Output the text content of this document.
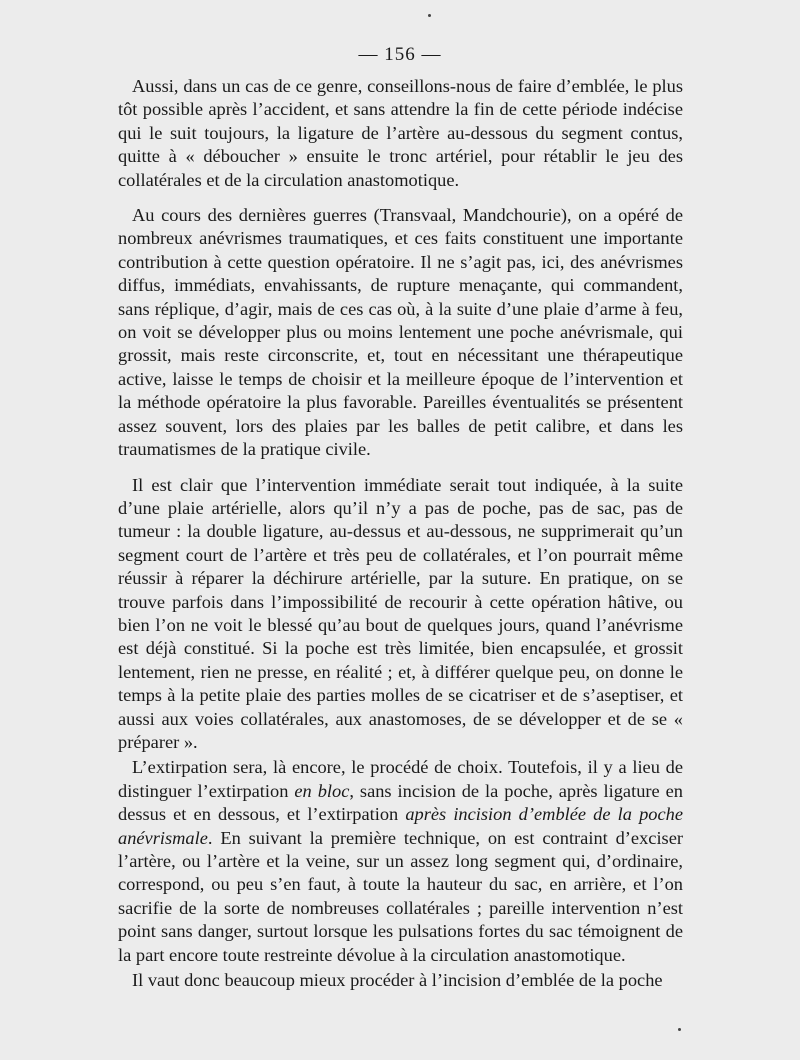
— 156 —

Aussi, dans un cas de ce genre, conseillons-nous de faire d’emblée, le plus tôt possible après l’accident, et sans attendre la fin de cette période indécise qui le suit toujours, la ligature de l’artère au-dessous du segment contus, quitte à « déboucher » ensuite le tronc artériel, pour rétablir le jeu des collatérales et de la circulation anastomotique.

Au cours des dernières guerres (Transvaal, Mandchourie), on a opéré de nombreux anévrismes traumatiques, et ces faits constituent une importante contribution à cette question opératoire. Il ne s’agit pas, ici, des anévrismes diffus, immédiats, envahissants, de rupture menaçante, qui commandent, sans réplique, d’agir, mais de ces cas où, à la suite d’une plaie d’arme à feu, on voit se développer plus ou moins lentement une poche anévrismale, qui grossit, mais reste circonscrite, et, tout en nécessitant une thérapeutique active, laisse le temps de choisir et la meilleure époque de l’intervention et la méthode opératoire la plus favorable. Pareilles éventualités se présentent assez souvent, lors des plaies par les balles de petit calibre, et dans les traumatismes de la pratique civile.

Il est clair que l’intervention immédiate serait tout indiquée, à la suite d’une plaie artérielle, alors qu’il n’y a pas de poche, pas de sac, pas de tumeur : la double ligature, au-dessus et au-dessous, ne supprimerait qu’un segment court de l’artère et très peu de collatérales, et l’on pourrait même réussir à réparer la déchirure artérielle, par la suture. En pratique, on se trouve parfois dans l’impossibilité de recourir à cette opération hâtive, ou bien l’on ne voit le blessé qu’au bout de quelques jours, quand l’anévrisme est déjà constitué. Si la poche est très limitée, bien encapsulée, et grossit lentement, rien ne presse, en réalité ; et, à différer quelque peu, on donne le temps à la petite plaie des parties molles de se cicatriser et de s’aseptiser, et aussi aux voies collatérales, aux anastomoses, de se développer et de se « préparer ».

L’extirpation sera, là encore, le procédé de choix. Toutefois, il y a lieu de distinguer l’extirpation en bloc, sans incision de la poche, après ligature en dessus et en dessous, et l’extirpation après incision d’emblée de la poche anévrismale. En suivant la première technique, on est contraint d’exciser l’artère, ou l’artère et la veine, sur un assez long segment qui, d’ordinaire, correspond, ou peu s’en faut, à toute la hauteur du sac, en arrière, et l’on sacrifie de la sorte de nombreuses collatérales ; pareille intervention n’est point sans danger, surtout lorsque les pulsations fortes du sac témoignent de la part encore toute restreinte dévolue à la circulation anastomotique.

Il vaut donc beaucoup mieux procéder à l’incision d’emblée de la poche
